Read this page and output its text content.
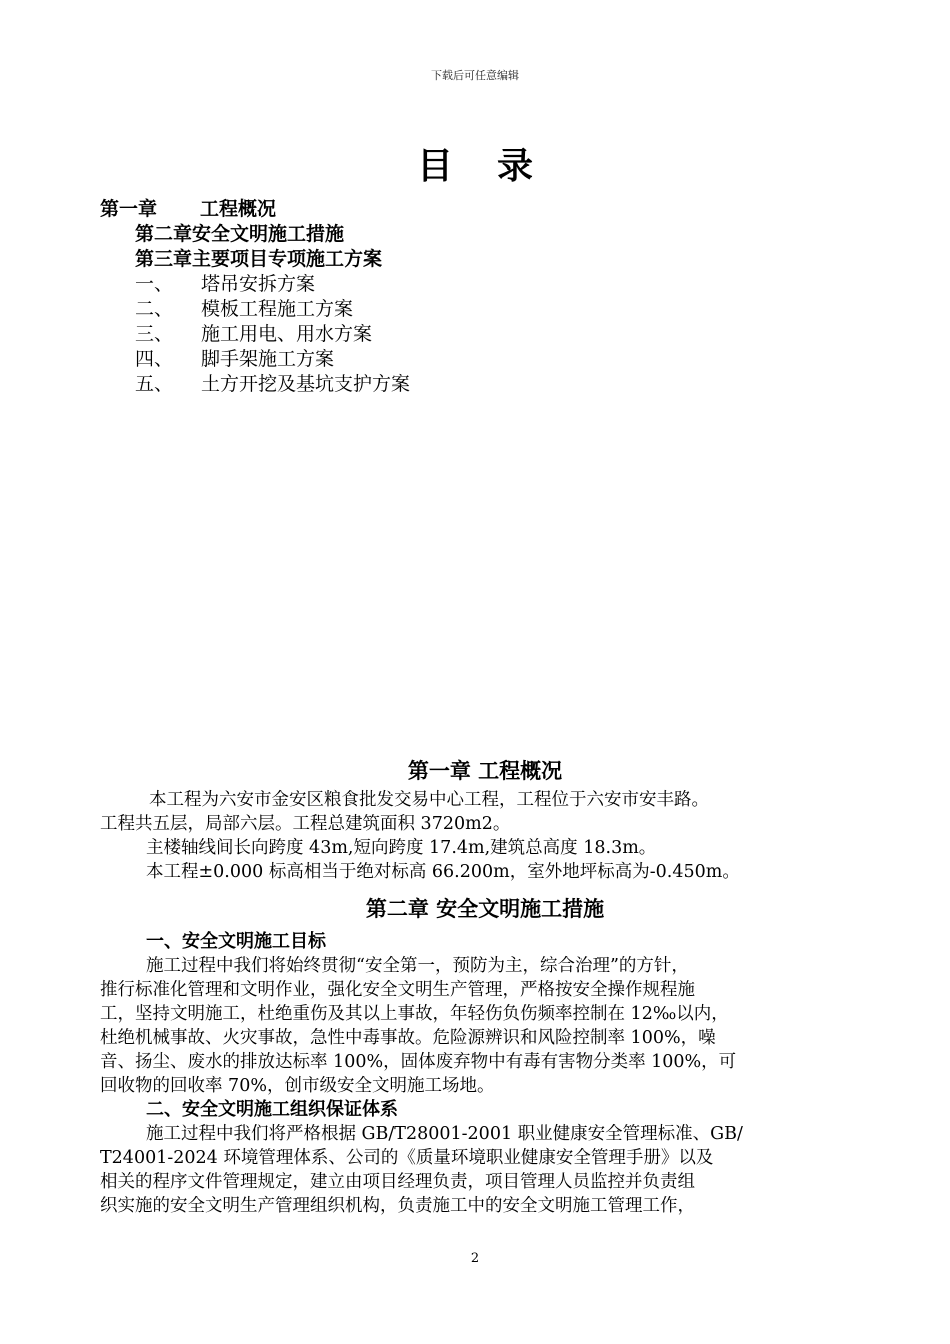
下载后可任意编辑
目 录
第一章 工程概况
第二章安全文明施工措施
第三章主要项目专项施工方案
一、 塔吊安拆方案
二、 模板工程施工方案
三、 施工用电、用水方案
四、 脚手架施工方案
五、 土方开挖及基坑支护方案
第一章 工程概况

本工程为六安市金安区粮食批发交易中心工程，工程位于六安市安丰路。

工程共五层，局部六层。工程总建筑面积 3720m2。

主楼轴线间长向跨度 43m,短向跨度 17.4m,建筑总高度 18.3m。

本工程±0.000 标高相当于绝对标高 66.200m，室外地坪标高为-0.450m。

第二章 安全文明施工措施
一、安全文明施工目标

施工过程中我们将始终贯彻“安全第一，预防为主，综合治理”的方针，

推行标准化管理和文明作业，强化安全文明生产管理，严格按安全操作规程施

工，坚持文明施工，杜绝重伤及其以上事故，年轻伤负伤频率控制在 12‰以内，

杜绝机械事故、火灾事故，急性中毒事故。危险源辨识和风险控制率 100%，噪

音、扬尘、废水的排放达标率 100%，固体废弃物中有毒有害物分类率 100%，可

回收物的回收率 70%，创市级安全文明施工场地。

二、安全文明施工组织保证体系

施工过程中我们将严格根据 GB/T28001-2001 职业健康安全管理标准、GB/

T24001-2024 环境管理体系、公司的《质量环境职业健康安全管理手册》以及

相关的程序文件管理规定，建立由项目经理负责，项目管理人员监控并负责组

织实施的安全文明生产管理组织机构，负责施工中的安全文明施工管理工作，

2
